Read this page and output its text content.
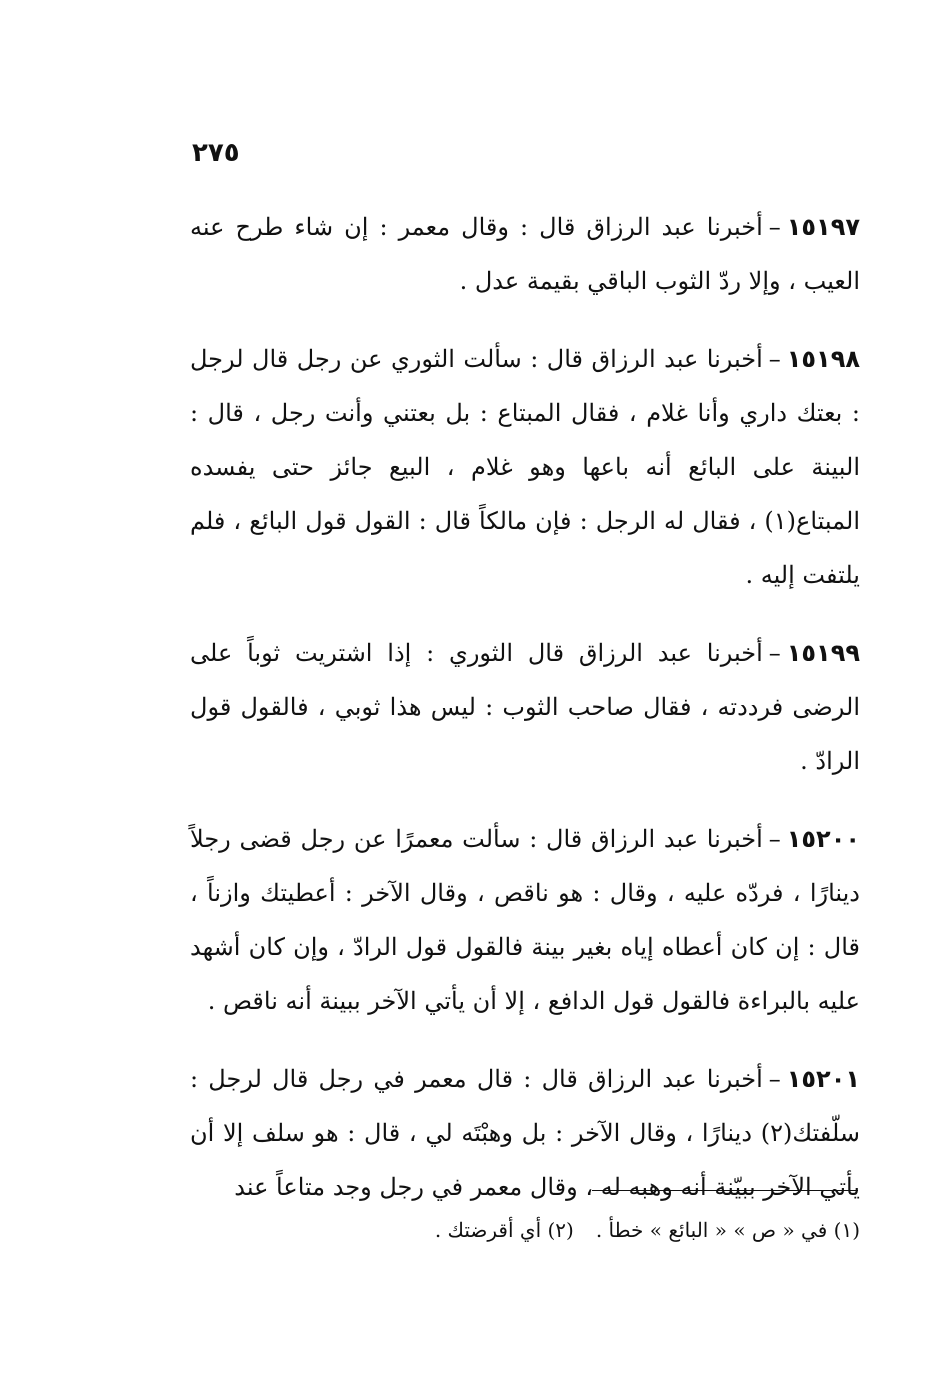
٢٧٥

١٥١٩٧–أخبرنا عبد الرزاق قال : وقال معمر : إن شاء طرح عنه العيب ، وإلا ردّ الثوب الباقي بقيمة عدل .

١٥١٩٨–أخبرنا عبد الرزاق قال : سألت الثوري عن رجل قال لرجل : بعتك داري وأنا غلام ، فقال المبتاع : بل بعتني وأنت رجل ، قال : البينة على البائع أنه باعها وهو غلام ، البيع جائز حتى يفسده المبتاع(١) ، فقال له الرجل : فإن مالكاً قال : القول قول البائع ، فلم يلتفت إليه .

١٥١٩٩–أخبرنا عبد الرزاق قال الثوري : إذا اشتريت ثوباً على الرضى فرددته ، فقال صاحب الثوب : ليس هذا ثوبي ، فالقول قول الرادّ .

١٥٢٠٠–أخبرنا عبد الرزاق قال : سألت معمرًا عن رجل قضى رجلاً دينارًا ، فردّه عليه ، وقال : هو ناقص ، وقال الآخر : أعطيتك وازناً ، قال : إن كان أعطاه إياه بغير بينة فالقول قول الرادّ ، وإن كان أشهد عليه بالبراءة فالقول قول الدافع ، إلا أن يأتي الآخر ببينة أنه ناقص .

١٥٢٠١–أخبرنا عبد الرزاق قال : قال معمر في رجل قال لرجل : سلّفتك(٢) دينارًا ، وقال الآخر : بل وهبْتَه لي ، قال : هو سلف إلا أن يأتي الآخر ببيّنة أنه وهبه له ، وقال معمر في رجل وجد متاعاً عند

(١) في « ص » « البائع » خطأ .(٢) أي أقرضتك .
